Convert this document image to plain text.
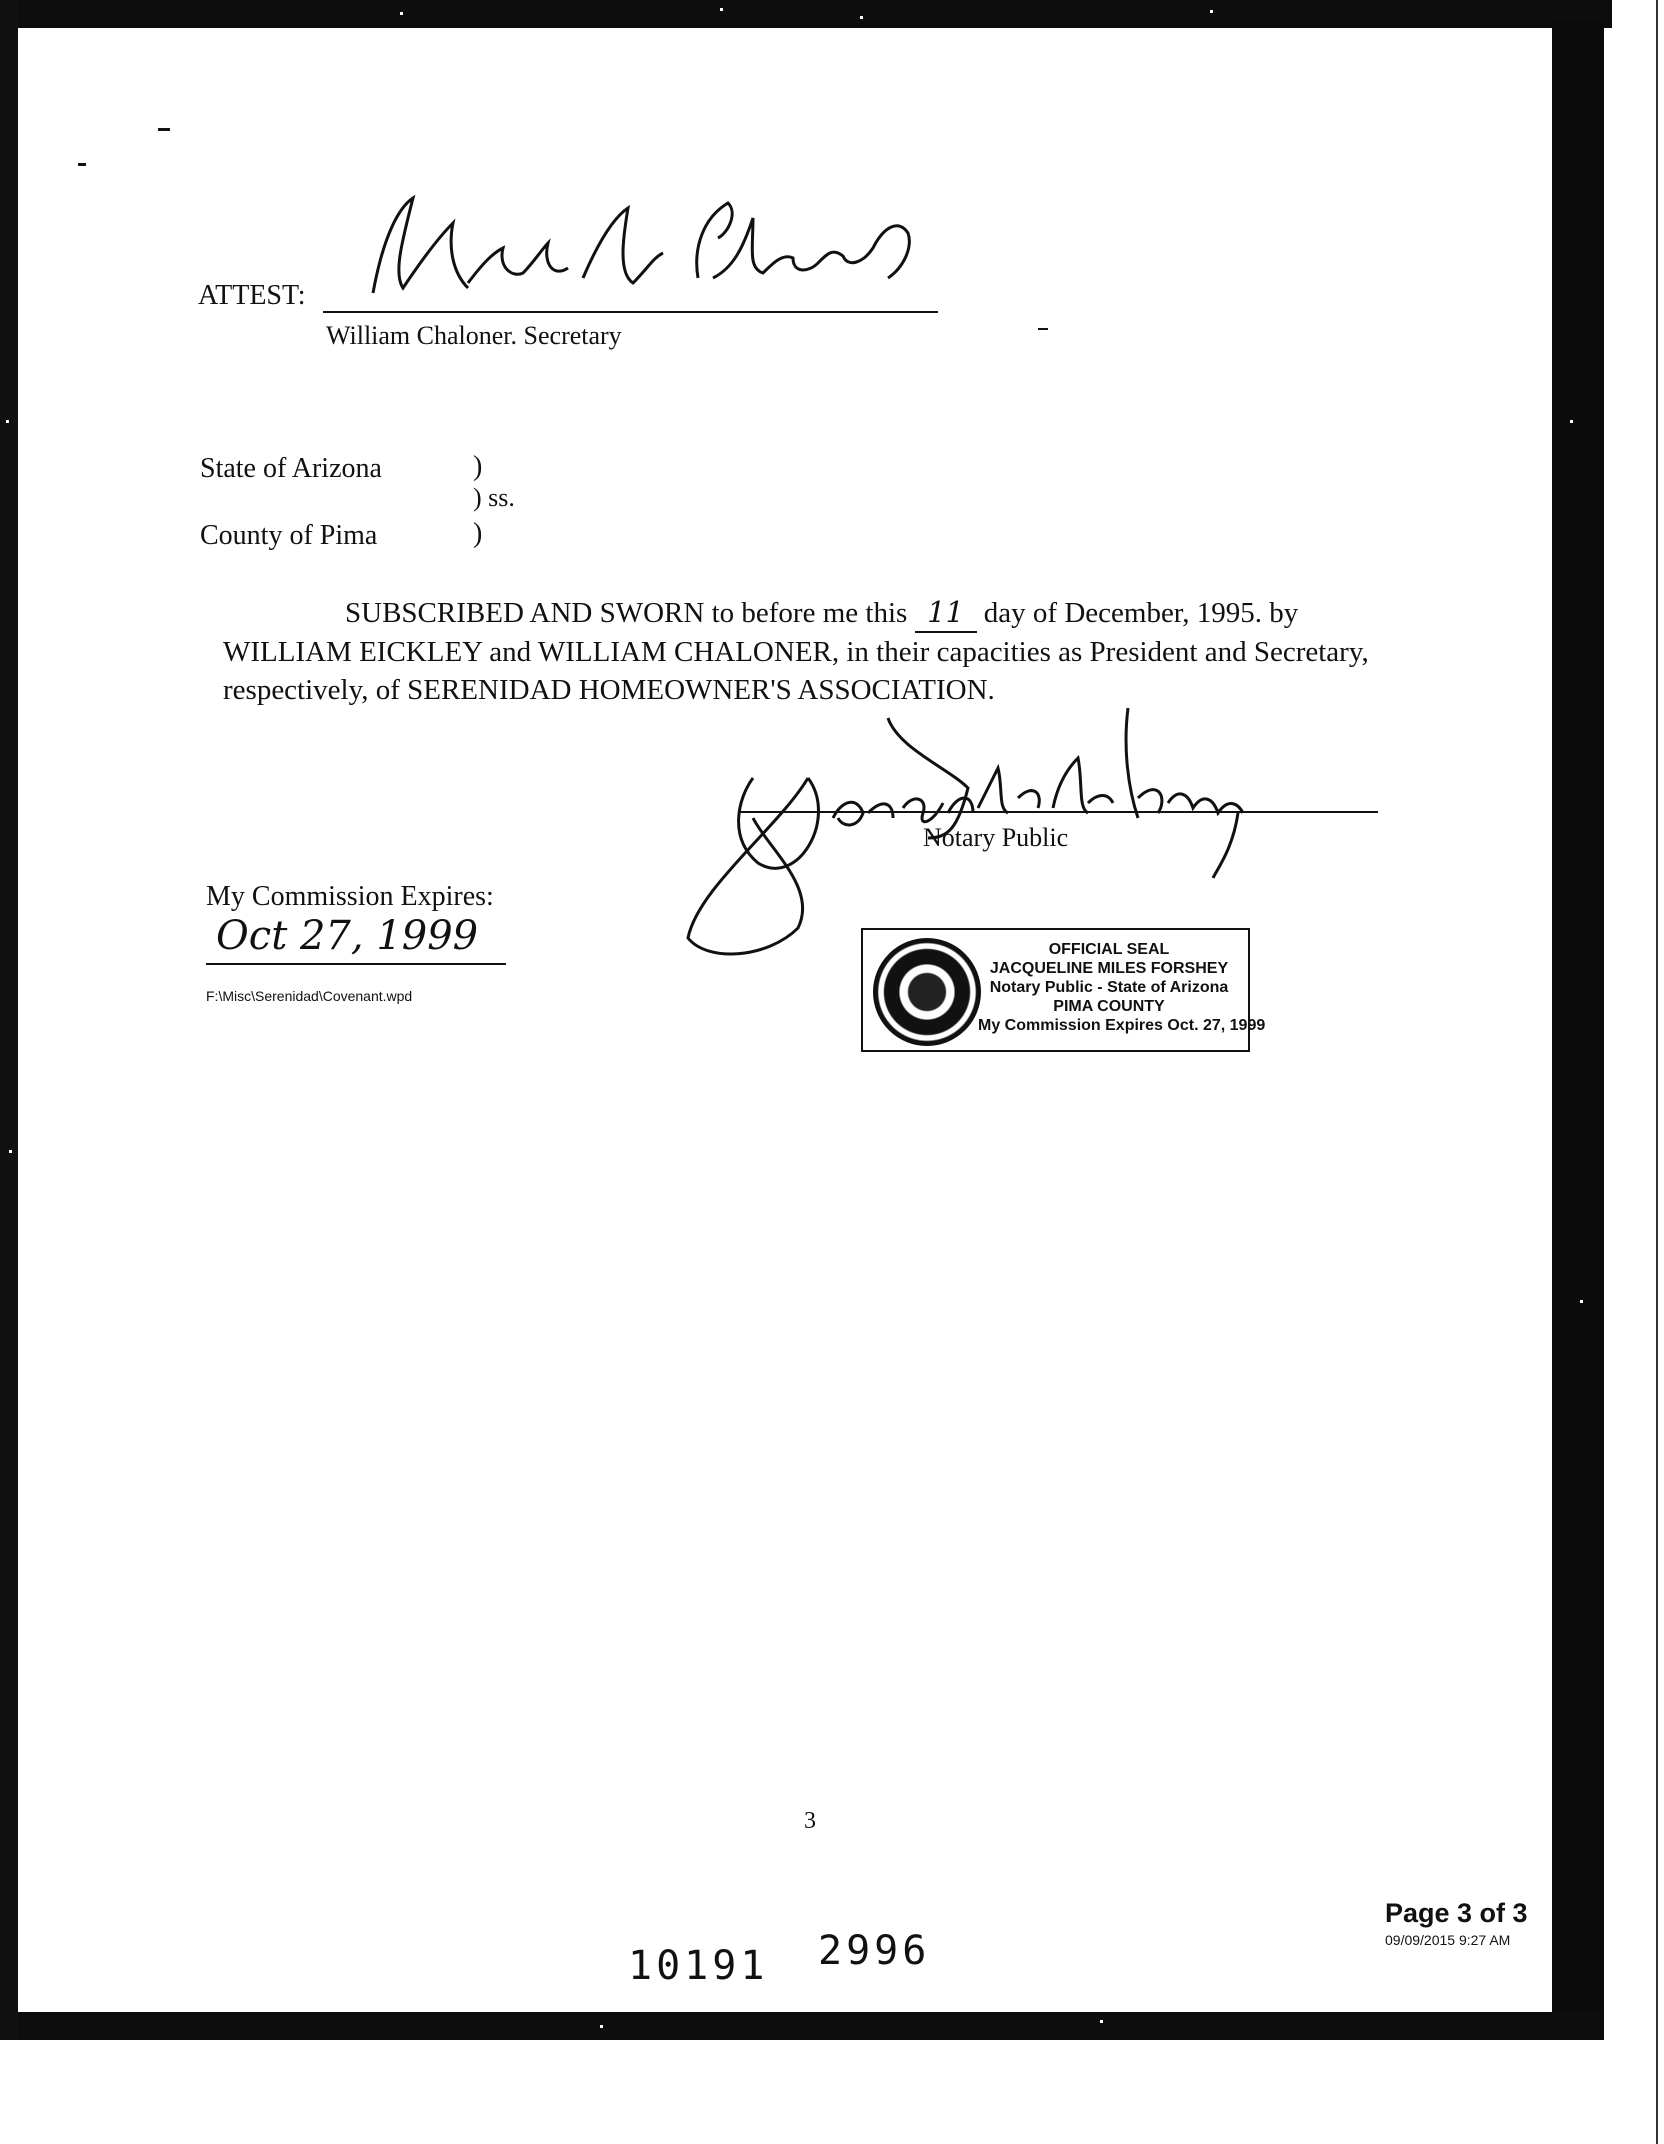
ATTEST:
William Chaloner. Secretary
State of Arizona	)
) ss.
County of Pima	)

SUBSCRIBED AND SWORN to before me this 11 day of December, 1995. by

WILLIAM EICKLEY and WILLIAM CHALONER, in their capacities as President and Secretary,

respectively, of SERENIDAD HOMEOWNER'S ASSOCIATION.

Notary Public
My Commission Expires:
Oct 27, 1999
F:\Misc\Serenidad\Covenant.wpd
OFFICIAL SEAL
JACQUELINE MILES FORSHEY
Notary Public - State of Arizona
PIMA COUNTY
My Commission Expires Oct. 27, 1999
3
10191 2996
Page 3 of 3
09/09/2015 9:27 AM
